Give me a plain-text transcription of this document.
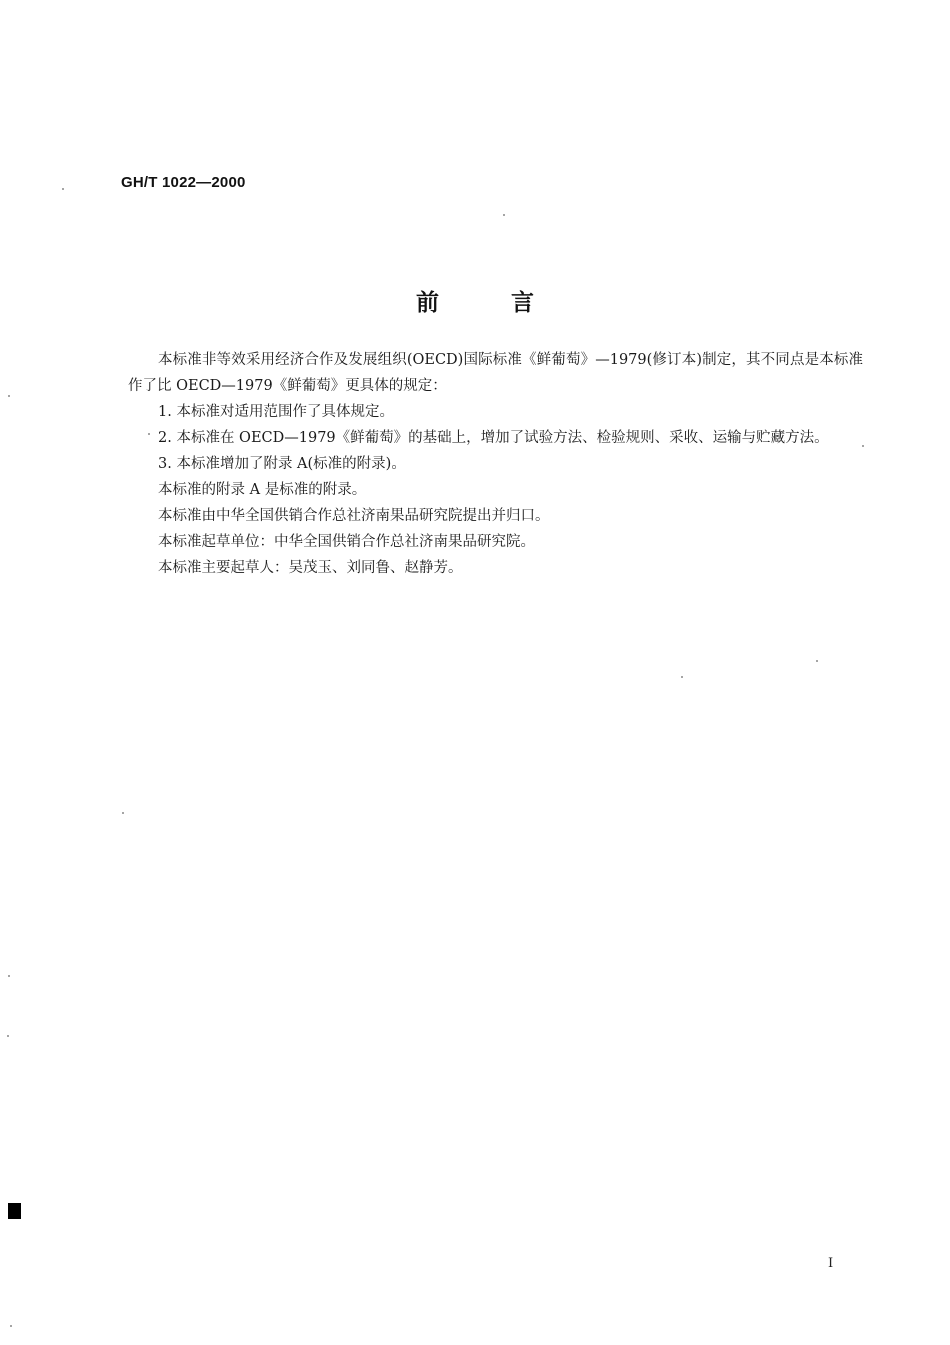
GH/T 1022—2000
前	言

本标准非等效采用经济合作及发展组织(OECD)国际标准《鲜葡萄》—1979(修订本)制定，其不同点是本标准作了比 OECD—1979《鲜葡萄》更具体的规定：

1. 本标准对适用范围作了具体规定。

2. 本标准在 OECD—1979《鲜葡萄》的基础上，增加了试验方法、检验规则、采收、运输与贮藏方法。

3. 本标准增加了附录 A(标准的附录)。

本标准的附录 A 是标准的附录。

本标准由中华全国供销合作总社济南果品研究院提出并归口。

本标准起草单位：中华全国供销合作总社济南果品研究院。

本标准主要起草人：吴茂玉、刘同鲁、赵静芳。

I
